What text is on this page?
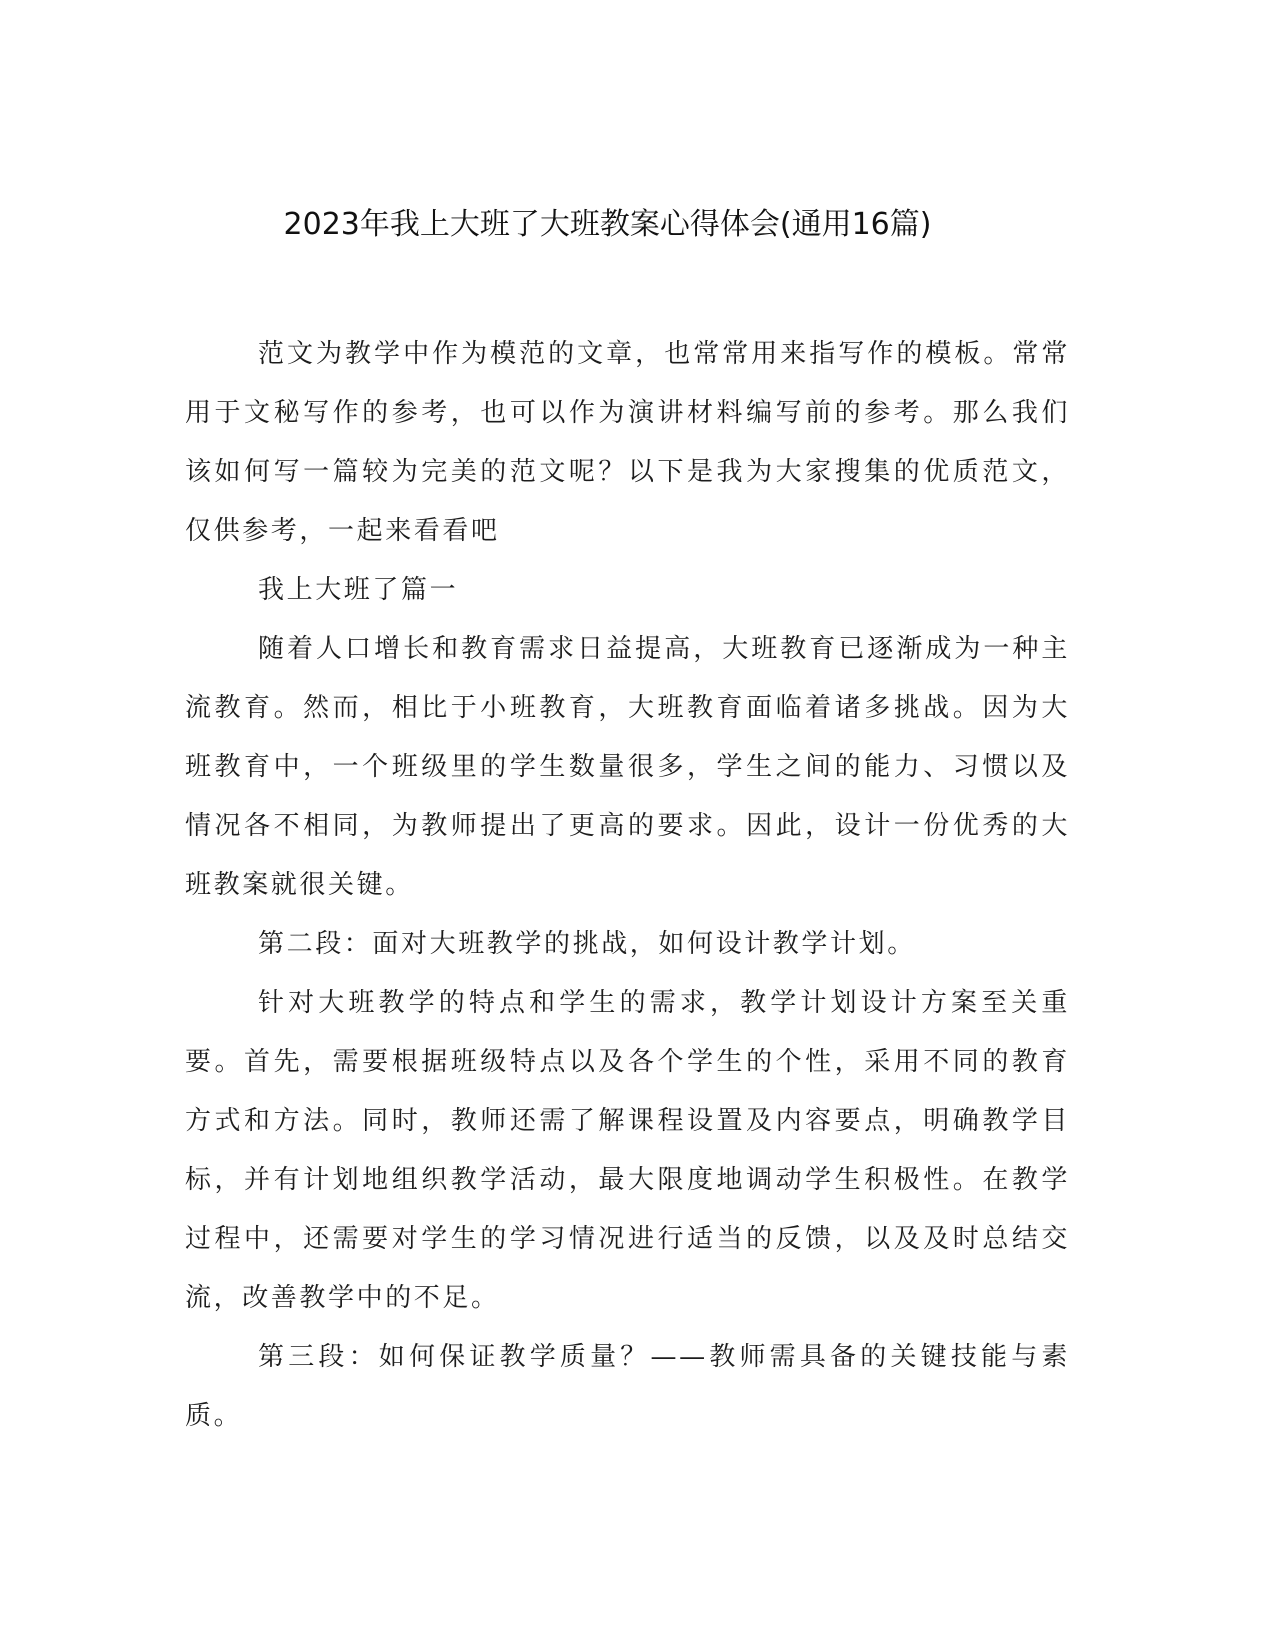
2023年我上大班了大班教案心得体会(通用16篇)

范文为教学中作为模范的文章，也常常用来指写作的模板。常常用于文秘写作的参考，也可以作为演讲材料编写前的参考。那么我们该如何写一篇较为完美的范文呢？以下是我为大家搜集的优质范文，仅供参考，一起来看看吧

我上大班了篇一

随着人口增长和教育需求日益提高，大班教育已逐渐成为一种主流教育。然而，相比于小班教育，大班教育面临着诸多挑战。因为大班教育中，一个班级里的学生数量很多，学生之间的能力、习惯以及情况各不相同，为教师提出了更高的要求。因此，设计一份优秀的大班教案就很关键。

第二段：面对大班教学的挑战，如何设计教学计划。

针对大班教学的特点和学生的需求，教学计划设计方案至关重要。首先，需要根据班级特点以及各个学生的个性，采用不同的教育方式和方法。同时，教师还需了解课程设置及内容要点，明确教学目标，并有计划地组织教学活动，最大限度地调动学生积极性。在教学过程中，还需要对学生的学习情况进行适当的反馈，以及及时总结交流，改善教学中的不足。

第三段：如何保证教学质量？——教师需具备的关键技能与素质。
